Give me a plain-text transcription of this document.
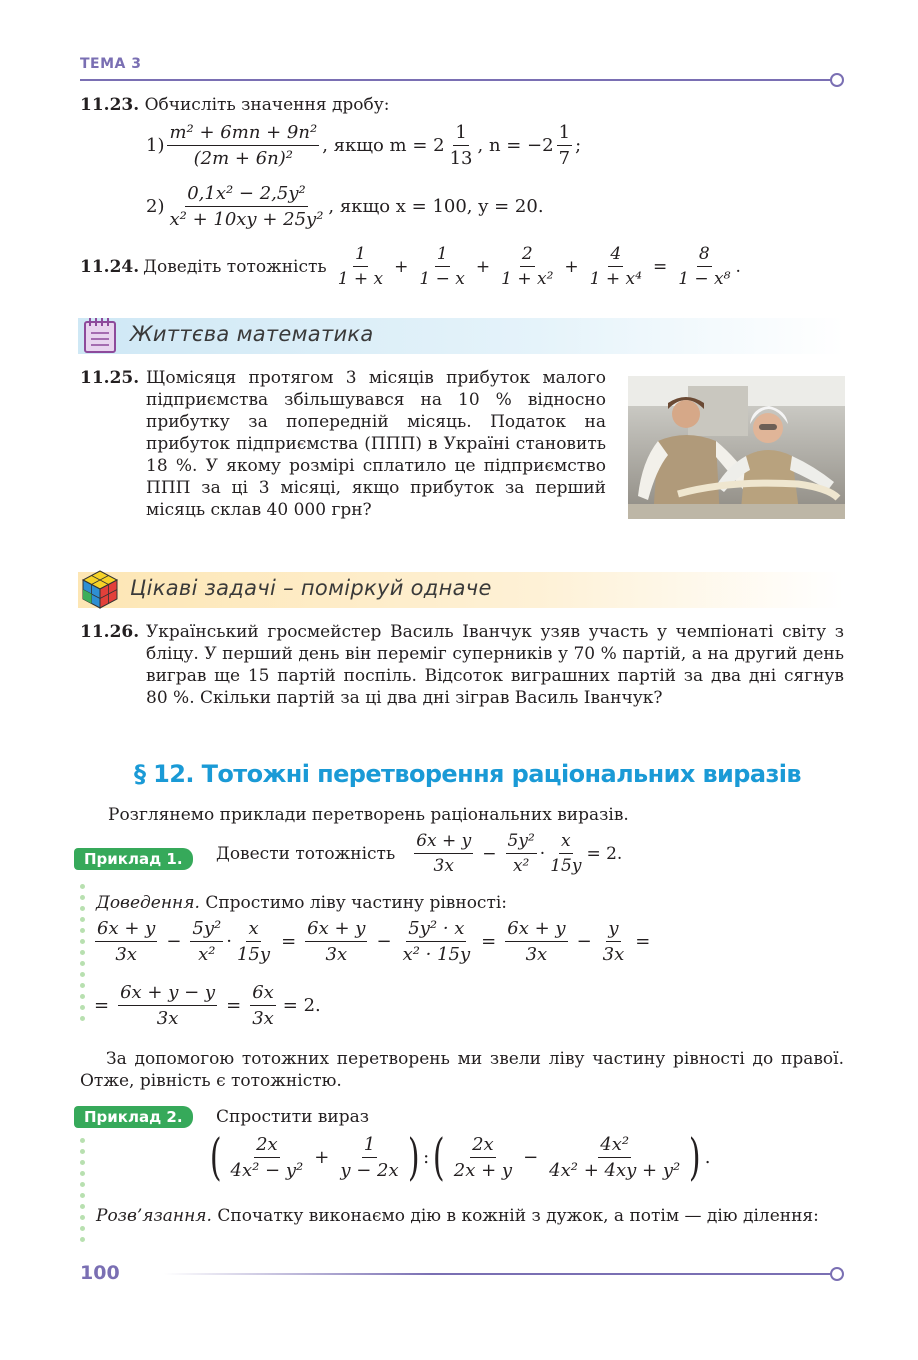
ТЕМА 3
11.23. Обчисліть значення дробу:
$1) \frac{\text{m² + 6mn + 9n²}}{\text{(2m + 6n)²}}$ , якщо $m = 2 \frac{1}{13}$ , $n = -2 \frac{1}{7}$ ;
$2) \frac{\text{0,1x² − 2,5y²}}{\text{x² + 10xy + 25y²}}$ , якщо x = 100, y = 20.
11.24. Доведіть тотожність $\frac{1}{1 + x} + \frac{1}{1 - x} + \frac{2}{\text{1 + x²}} + \frac{4}{\text{1 + x⁴}} = \frac{8}{\text{1 − x⁸}}$ .
Життєва математика
11.25. Щомісяця протягом 3 місяців прибуток малого підприємства збільшувався на 10 % відносно прибутку за попередній місяць. Податок на прибуток підприємства (ППП) в Україні становить 18 %. У якому розмірі сплатило це підприємство ППП за ці 3 місяці, якщо прибуток за перший місяць склав 40 000 грн?
Цікаві задачі – поміркуй одначе
11.26. Український гросмейстер Василь Іванчук узяв участь у чемпіонаті світу з бліцу. У перший день він переміг суперників у 70 % партій, а на другий день виграв ще 15 партій поспіль. Відсоток виграшних партій за два дні сягнув 80 %. Скільки партій за ці два дні зіграв Василь Іванчук?
§ 12. Тотожні перетворення раціональних виразів
Розглянемо приклади перетворень раціональних виразів.
Приклад 1.	Довести тотожність $\frac{6x + y}{3x} - \frac{\text{5y²}}{\text{x²}} \cdot \frac{x}{15y} = 2$.
Доведення. Спростимо ліву частину рівності:
$\frac{6x + y}{3x} - \frac{\text{5y²}}{\text{x²}} \cdot \frac{x}{15y} = \frac{6x + y}{3x} - \frac{\text{5y² · x}}{\text{x² · 15y}} = \frac{6x + y}{3x} - \frac{y}{3x}$ =
= $\frac{6x + y - y}{3x} = \frac{6x}{3x} = 2$.
За допомогою тотожних перетворень ми звели ліву частину рівності до правої. Отже, рівність є тотожністю.
Приклад 2.	Спростити вираз
( $\frac{2x}{\text{4x² − y²}} + \frac{1}{y - 2x}$ ) : ( $\frac{2x}{2x + y} - \frac{\text{4x²}}{\text{4x² + 4xy + y²}}$ ) .
Розв’язання. Спочатку виконаємо дію в кожній з дужок, а потім — дію ділення:
100
